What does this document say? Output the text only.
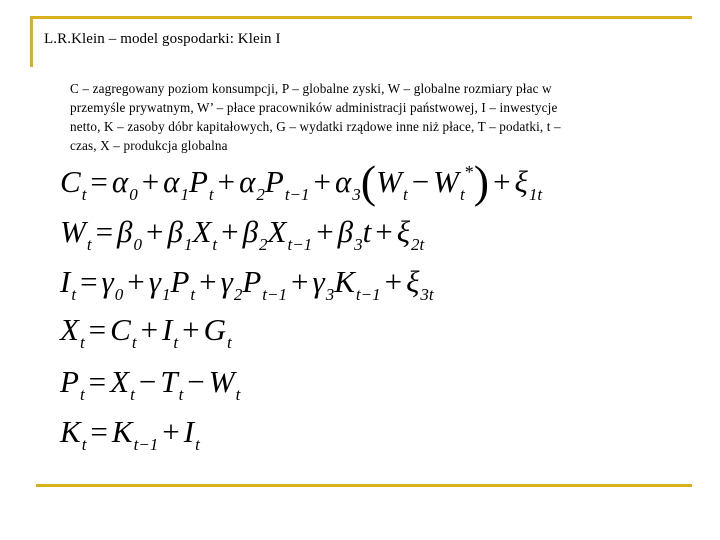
L.R.Klein – model gospodarki: Klein I
C – zagregowany poziom konsumpcji, P – globalne zyski, W – globalne rozmiary płac w
przemyśle prywatnym, W’ – płace pracowników administracji państwowej, I – inwestycje
netto, K – zasoby dóbr kapitałowych, G – wydatki rządowe inne niż płace, T – podatki, t –
czas, X – produkcja globalna
$C_t = \alpha_0 + \alpha_1P_t + \alpha_2P_{t-1} + \alpha_3(W_t - W_t^*) + \xi_{1t}$
$W_t = \beta_0 + \beta_1X_t + \beta_2X_{t-1} + \beta_3t + \xi_{2t}$
$I_t = \gamma_0 + \gamma_1P_t + \gamma_2P_{t-1} + \gamma_3K_{t-1} + \xi_{3t}$
$X_t = C_t + I_t + G_t$
$P_t = X_t - T_t - W_t$
$K_t = K_{t-1} + I_t$
